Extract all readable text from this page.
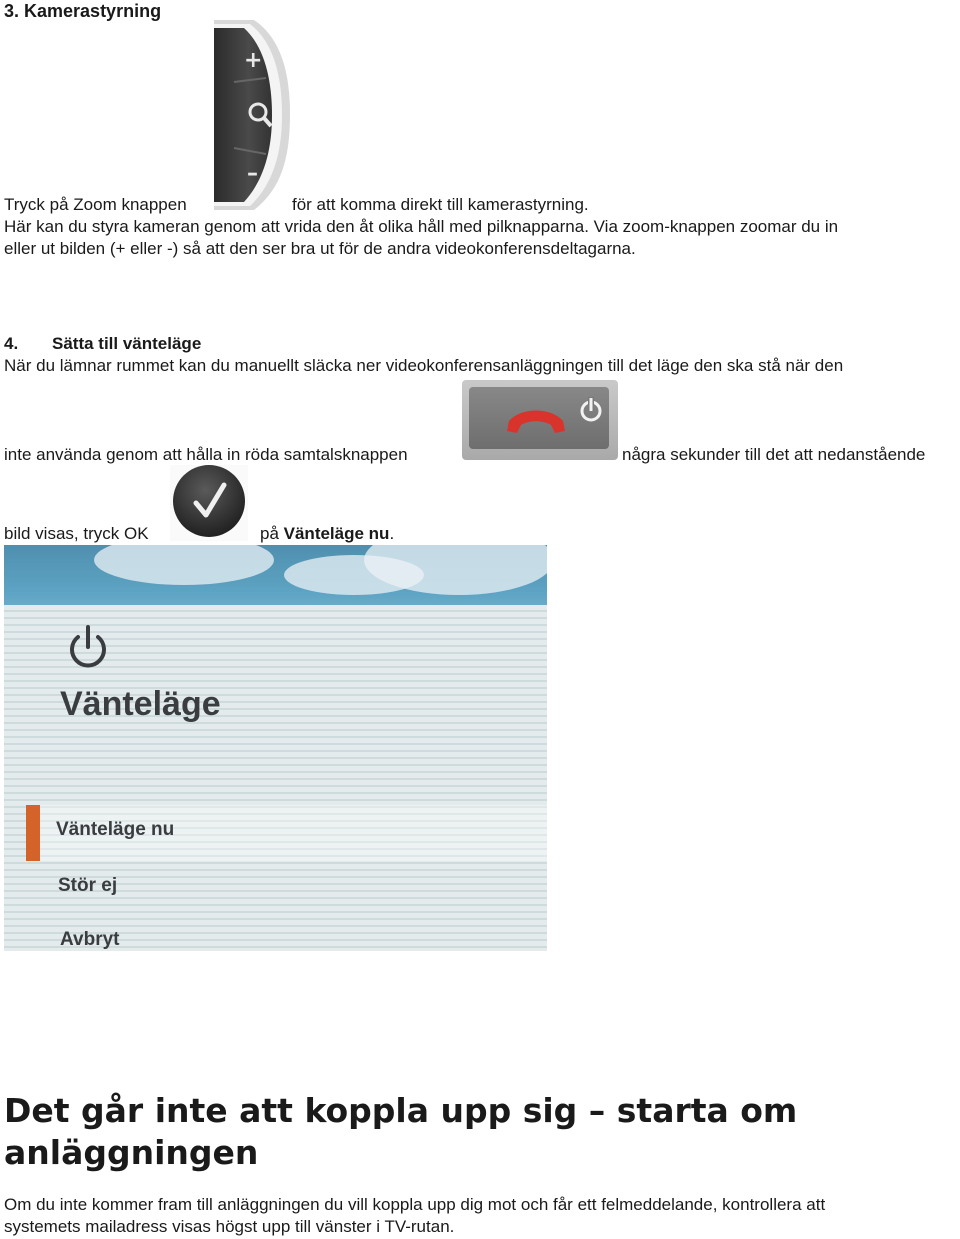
3. Kamerastyrning
+
–
Tryck på Zoom knappen	för att komma direkt till kamerastyrning.
Här kan du styra kameran genom att vrida den åt olika håll med pilknapparna. Via zoom-knappen zoomar du in
eller ut bilden (+ eller -) så att den ser bra ut för de andra videokonferensdeltagarna.
4. Sätta till vänteläge
När du lämnar rummet kan du manuellt släcka ner videokonferensanläggningen till det läge den ska stå när den
inte använda genom att hålla in röda samtalsknappen	några sekunder till det att nedanstående
bild visas, tryck OK	på Vänteläge nu.
Vänteläge
Vänteläge nu
Stör ej
Avbryt
Det går inte att koppla upp sig – starta om
anläggningen
Om du inte kommer fram till anläggningen du vill koppla upp dig mot och får ett felmeddelande, kontrollera att
systemets mailadress visas högst upp till vänster i TV-rutan.
